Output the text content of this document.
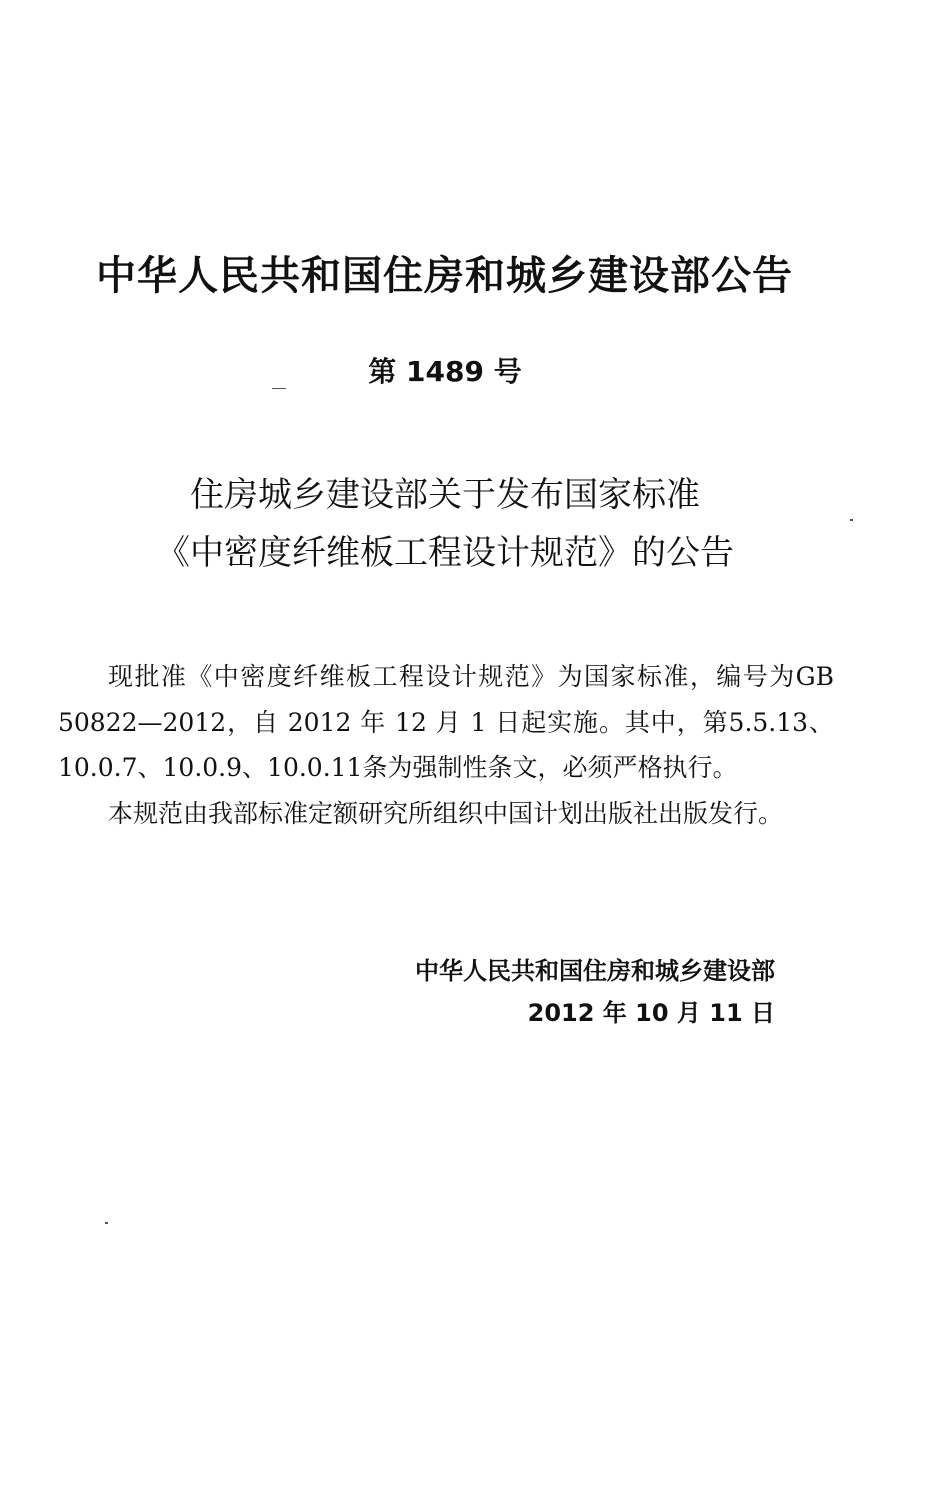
中华人民共和国住房和城乡建设部公告
第 1489 号
住房城乡建设部关于发布国家标准
《中密度纤维板工程设计规范》的公告

现批准《中密度纤维板工程设计规范》为国家标准，编号为GB 50822—2012，自 2012 年 12 月 1 日起实施。其中，第5.5.13、10.0.7、10.0.9、10.0.11条为强制性条文，必须严格执行。

本规范由我部标准定额研究所组织中国计划出版社出版发行。

中华人民共和国住房和城乡建设部
2012 年 10 月 11 日
